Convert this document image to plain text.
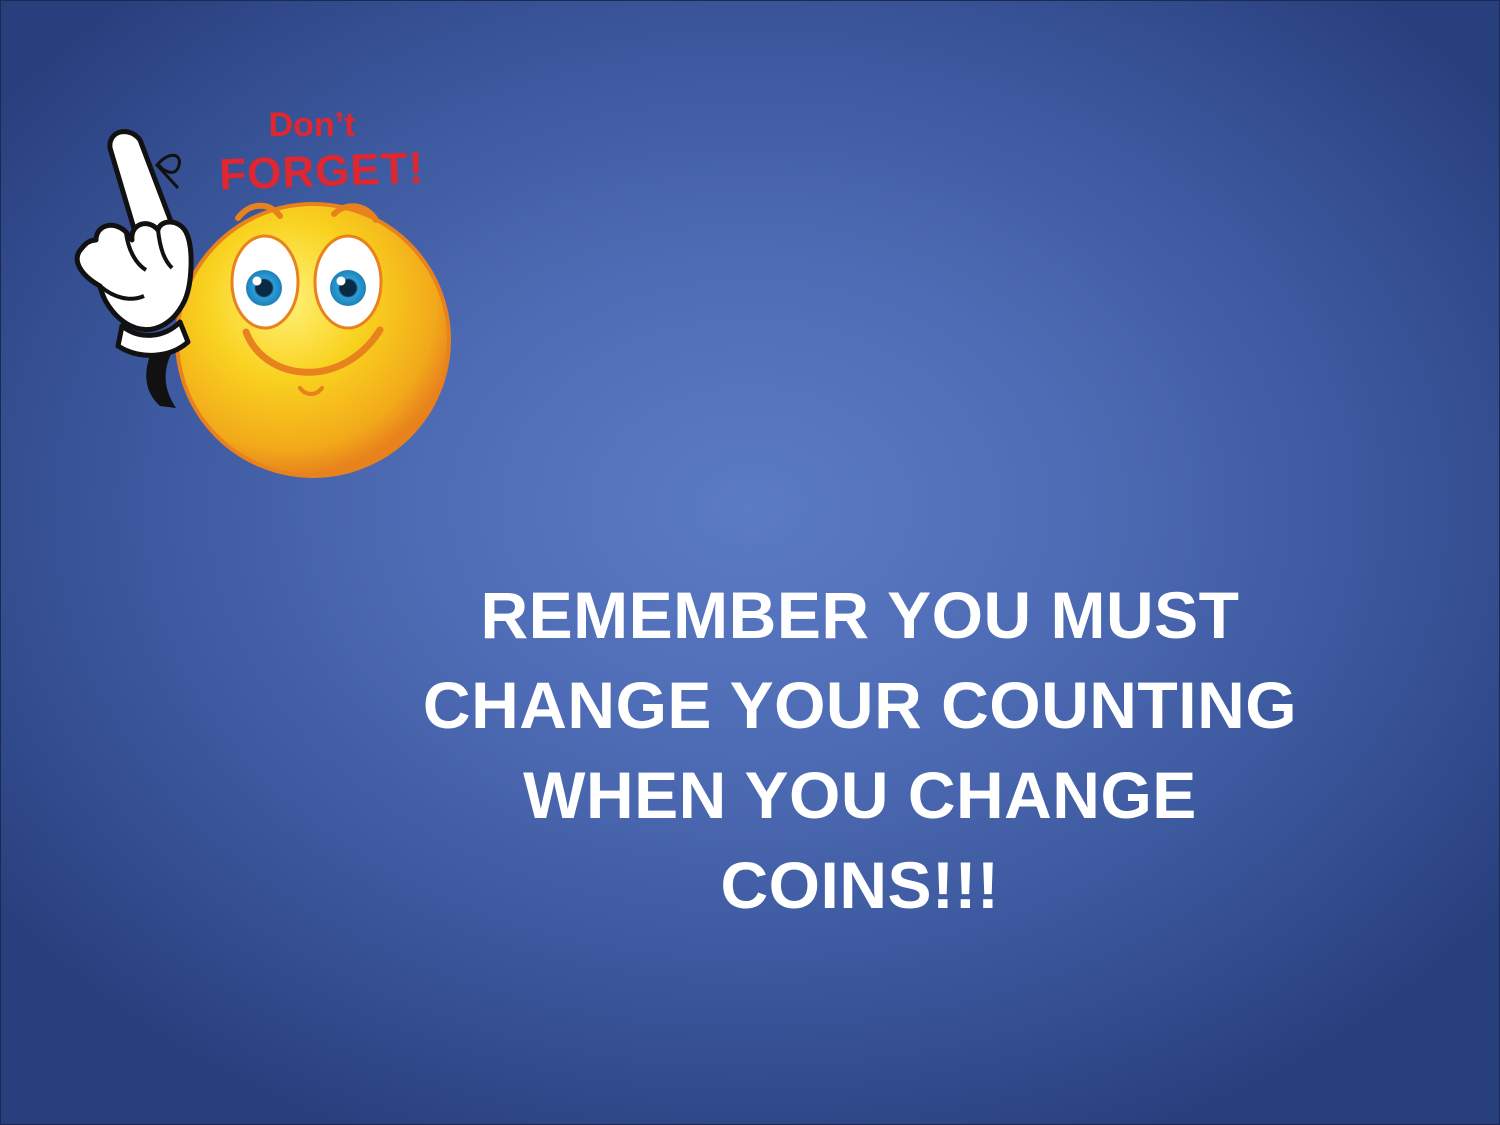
Don’t
FORGET!
REMEMBER YOU MUST
CHANGE YOUR COUNTING
WHEN YOU CHANGE
COINS!!!
